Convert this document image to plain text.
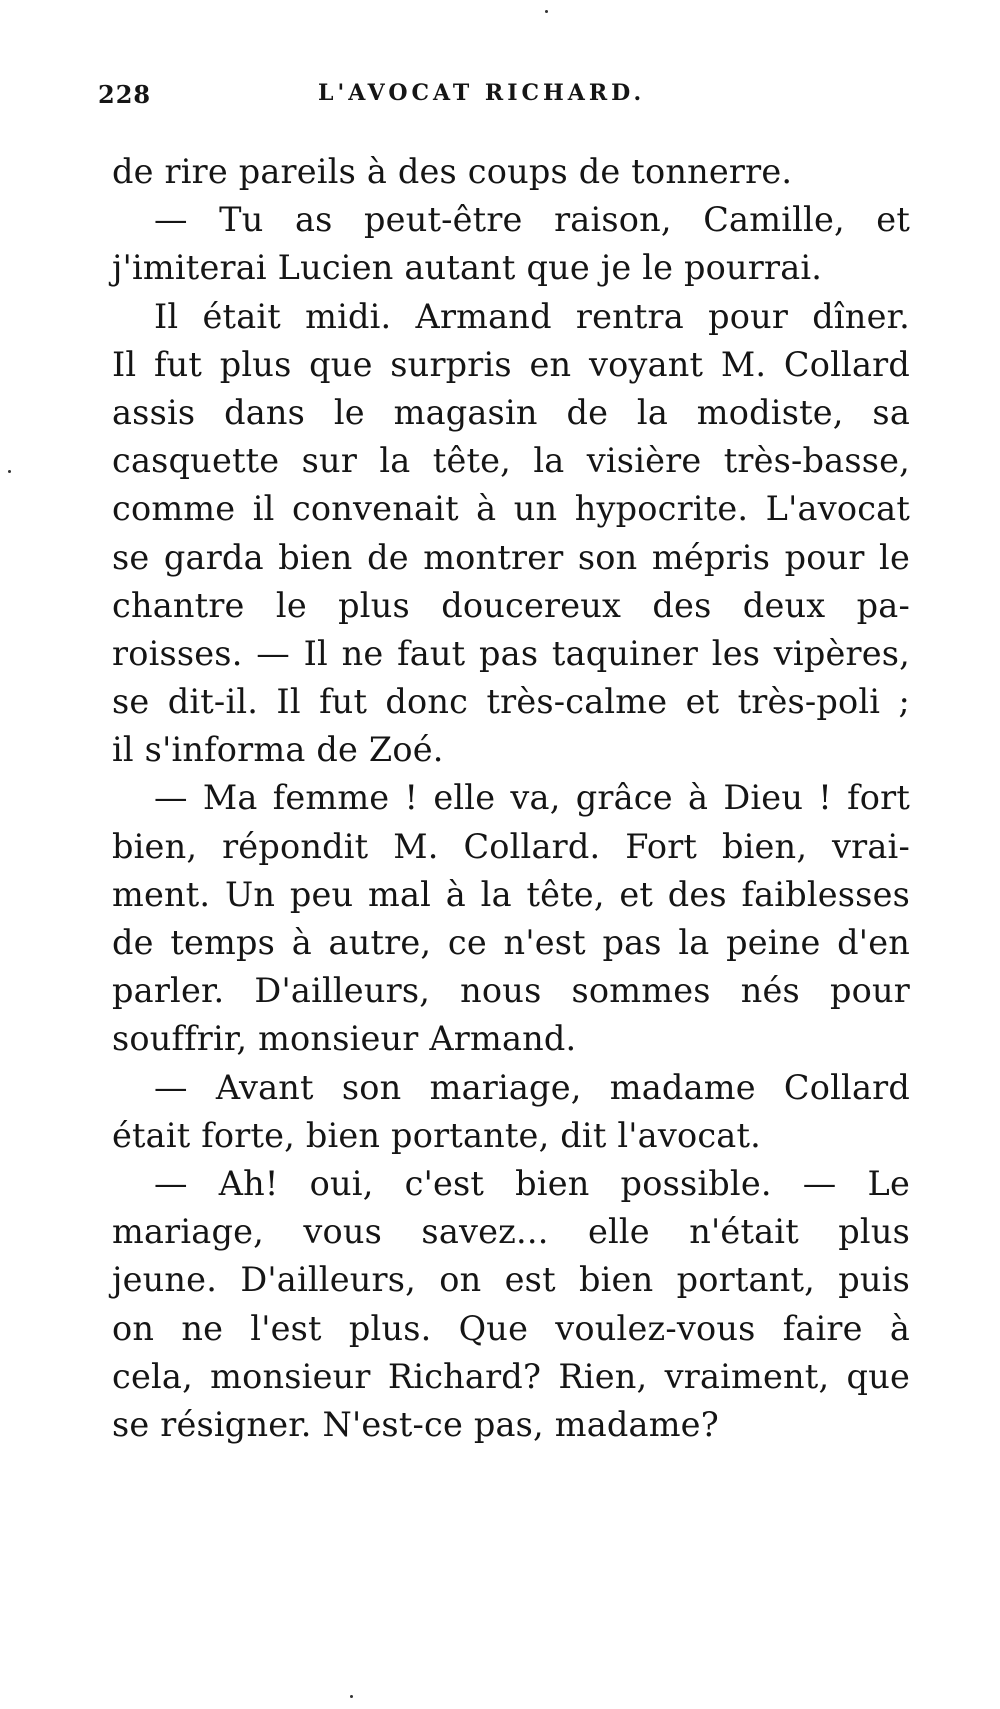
228	L'AVOCAT RICHARD.
de rire pareils à des coups de tonnerre.
— Tu as peut-être raison, Camille, et
j'imiterai Lucien autant que je le pourrai.
Il était midi. Armand rentra pour dîner.
Il fut plus que surpris en voyant M. Collard
assis dans le magasin de la modiste, sa
casquette sur la tête, la visière très-basse,
comme il convenait à un hypocrite. L'avocat
se garda bien de montrer son mépris pour le
chantre le plus doucereux des deux pa-
roisses. — Il ne faut pas taquiner les vipères,
se dit-il. Il fut donc très-calme et très-poli ;
il s'informa de Zoé.
— Ma femme ! elle va, grâce à Dieu ! fort
bien, répondit M. Collard. Fort bien, vrai-
ment. Un peu mal à la tête, et des faiblesses
de temps à autre, ce n'est pas la peine d'en
parler. D'ailleurs, nous sommes nés pour
souffrir, monsieur Armand.
— Avant son mariage, madame Collard
était forte, bien portante, dit l'avocat.
— Ah! oui, c'est bien possible. — Le
mariage, vous savez... elle n'était plus
jeune. D'ailleurs, on est bien portant, puis
on ne l'est plus. Que voulez-vous faire à
cela, monsieur Richard? Rien, vraiment, que
se résigner. N'est-ce pas, madame?
